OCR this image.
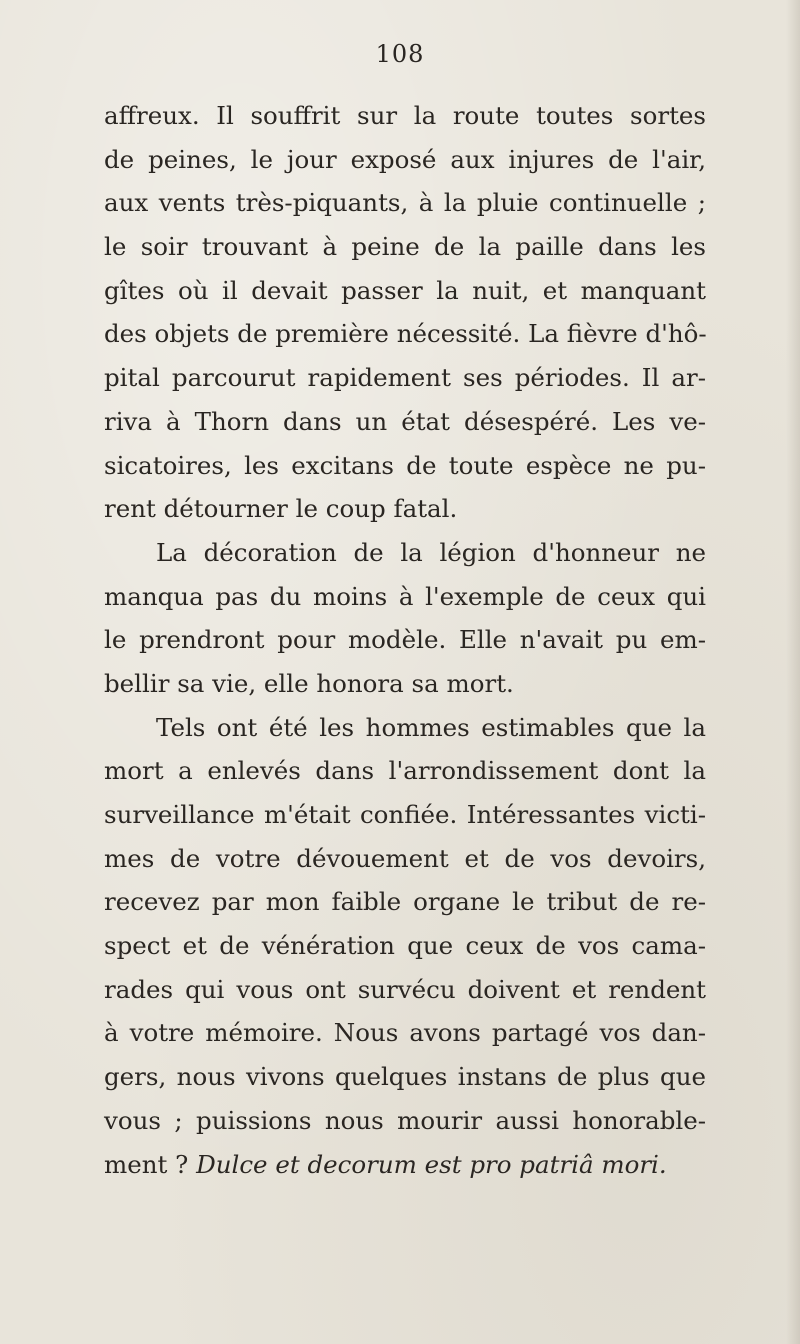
108
affreux. Il souffrit sur la route toutes sortes
de peines, le jour exposé aux injures de l'air,
aux vents très-piquants, à la pluie continuelle ;
le soir trouvant à peine de la paille dans les
gîtes où il devait passer la nuit, et manquant
des objets de première nécessité. La fièvre d'hô-
pital parcourut rapidement ses périodes. Il ar-
riva à Thorn dans un état désespéré. Les ve-
sicatoires, les excitans de toute espèce ne pu-
rent détourner le coup fatal.
La décoration de la légion d'honneur ne
manqua pas du moins à l'exemple de ceux qui
le prendront pour modèle. Elle n'avait pu em-
bellir sa vie, elle honora sa mort.
Tels ont été les hommes estimables que la
mort a enlevés dans l'arrondissement dont la
surveillance m'était confiée. Intéressantes victi-
mes de votre dévouement et de vos devoirs,
recevez par mon faible organe le tribut de re-
spect et de vénération que ceux de vos cama-
rades qui vous ont survécu doivent et rendent
à votre mémoire. Nous avons partagé vos dan-
gers, nous vivons quelques instans de plus que
vous ; puissions nous mourir aussi honorable-
ment ? Dulce et decorum est pro patriâ mori.
